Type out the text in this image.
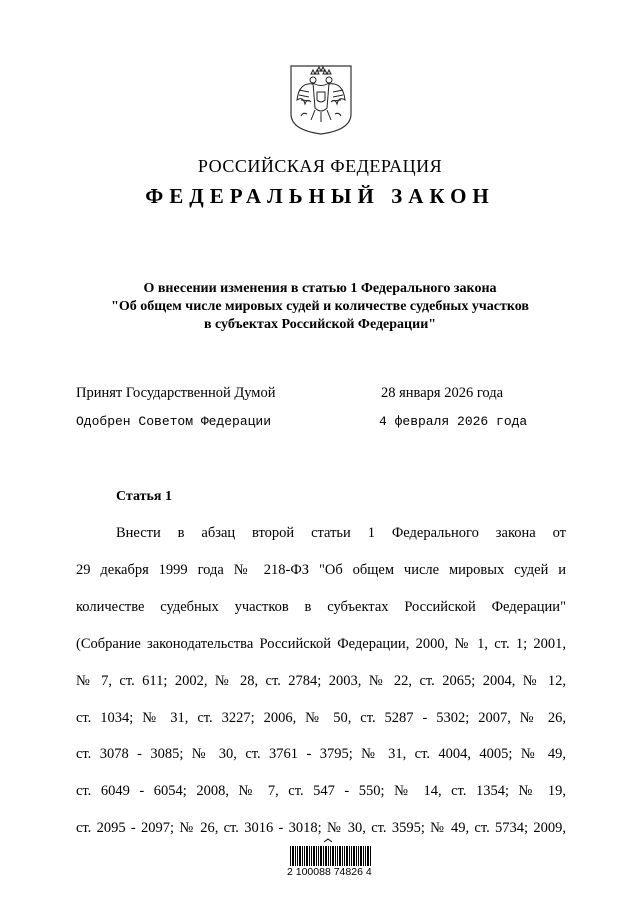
РОССИЙСКАЯ ФЕДЕРАЦИЯ
ФЕДЕРАЛЬНЫЙ ЗАКОН
О внесении изменения в статью 1 Федерального закона
"Об общем числе мировых судей и количестве судебных участков
в субъектах Российской Федерации"
Принят Государственной Думой	28 января 2026 года
Одобрен Советом Федерации	4 февраля 2026 года
Статья 1
Внести в абзац второй статьи 1 Федерального закона от
29 декабря 1999 года № 218-ФЗ "Об общем числе мировых судей и
количестве судебных участков в субъектах Российской Федерации"
(Собрание законодательства Российской Федерации, 2000, № 1, ст. 1; 2001,
№ 7, ст. 611; 2002, № 28, ст. 2784; 2003, № 22, ст. 2065; 2004, № 12,
ст. 1034; № 31, ст. 3227; 2006, № 50, ст. 5287 - 5302; 2007, № 26,
ст. 3078 - 3085; № 30, ст. 3761 - 3795; № 31, ст. 4004, 4005; № 49,
ст. 6049 - 6054; 2008, № 7, ст. 547 - 550; № 14, ст. 1354; № 19,
ст. 2095 - 2097; № 26, ст. 3016 - 3018; № 30, ст. 3595; № 49, ст. 5734; 2009,
2 100088 74826 4
